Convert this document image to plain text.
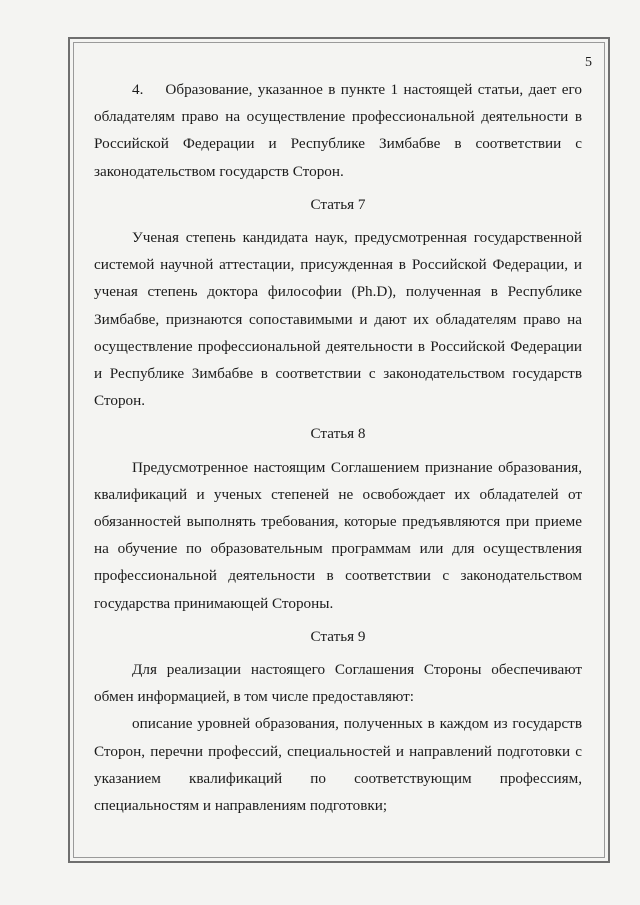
5

4. Образование, указанное в пункте 1 настоящей статьи, дает его обладателям право на осуществление профессиональной деятельности в Российской Федерации и Республике Зимбабве в соответствии с законодательством государств Сторон.

Статья 7

Ученая степень кандидата наук, предусмотренная государственной системой научной аттестации, присужденная в Российской Федерации, и ученая степень доктора философии (Ph.D), полученная в Республике Зимбабве, признаются сопоставимыми и дают их обладателям право на осуществление профессиональной деятельности в Российской Федерации и Республике Зимбабве в соответствии с законодательством государств Сторон.

Статья 8

Предусмотренное настоящим Соглашением признание образования, квалификаций и ученых степеней не освобождает их обладателей от обязанностей выполнять требования, которые предъявляются при приеме на обучение по образовательным программам или для осуществления профессиональной деятельности в соответствии с законодательством государства принимающей Стороны.

Статья 9

Для реализации настоящего Соглашения Стороны обеспечивают обмен информацией, в том числе предоставляют:

описание уровней образования, полученных в каждом из государств Сторон, перечни профессий, специальностей и направлений подготовки с указанием квалификаций по соответствующим профессиям, специальностям и направлениям подготовки;
